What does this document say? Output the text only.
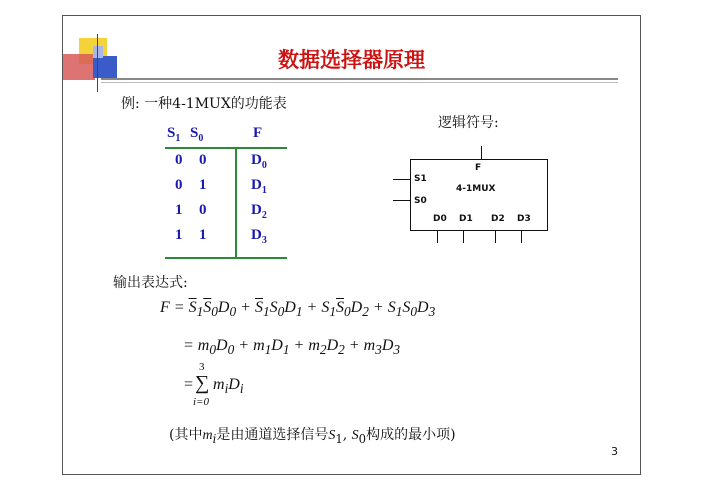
数据选择器原理
例: 一种4-1MUX的功能表
逻辑符号:
$S_1$ $S_0$	F
0 0	$D_0$
0 1	$D_1$
1 0	$D_2$
1 1	$D_3$
F
4-1MUX
S1
S0
D0 D1 D2 D3
输出表达式:
$F = \overline{S}_1\overline{S}_0D_0 + \overline{S}_1S_0D_1 + S_1\overline{S}_0D_2 + S_1S_0D_3$
= $m_0D_0 + m_1D_1 + m_2D_2 + m_3D_3$
=
3
∑
i=0
$m_iD_i$
(其中$m_i$是由通道选择信号$S_1$, $S_0$构成的最小项)
3
